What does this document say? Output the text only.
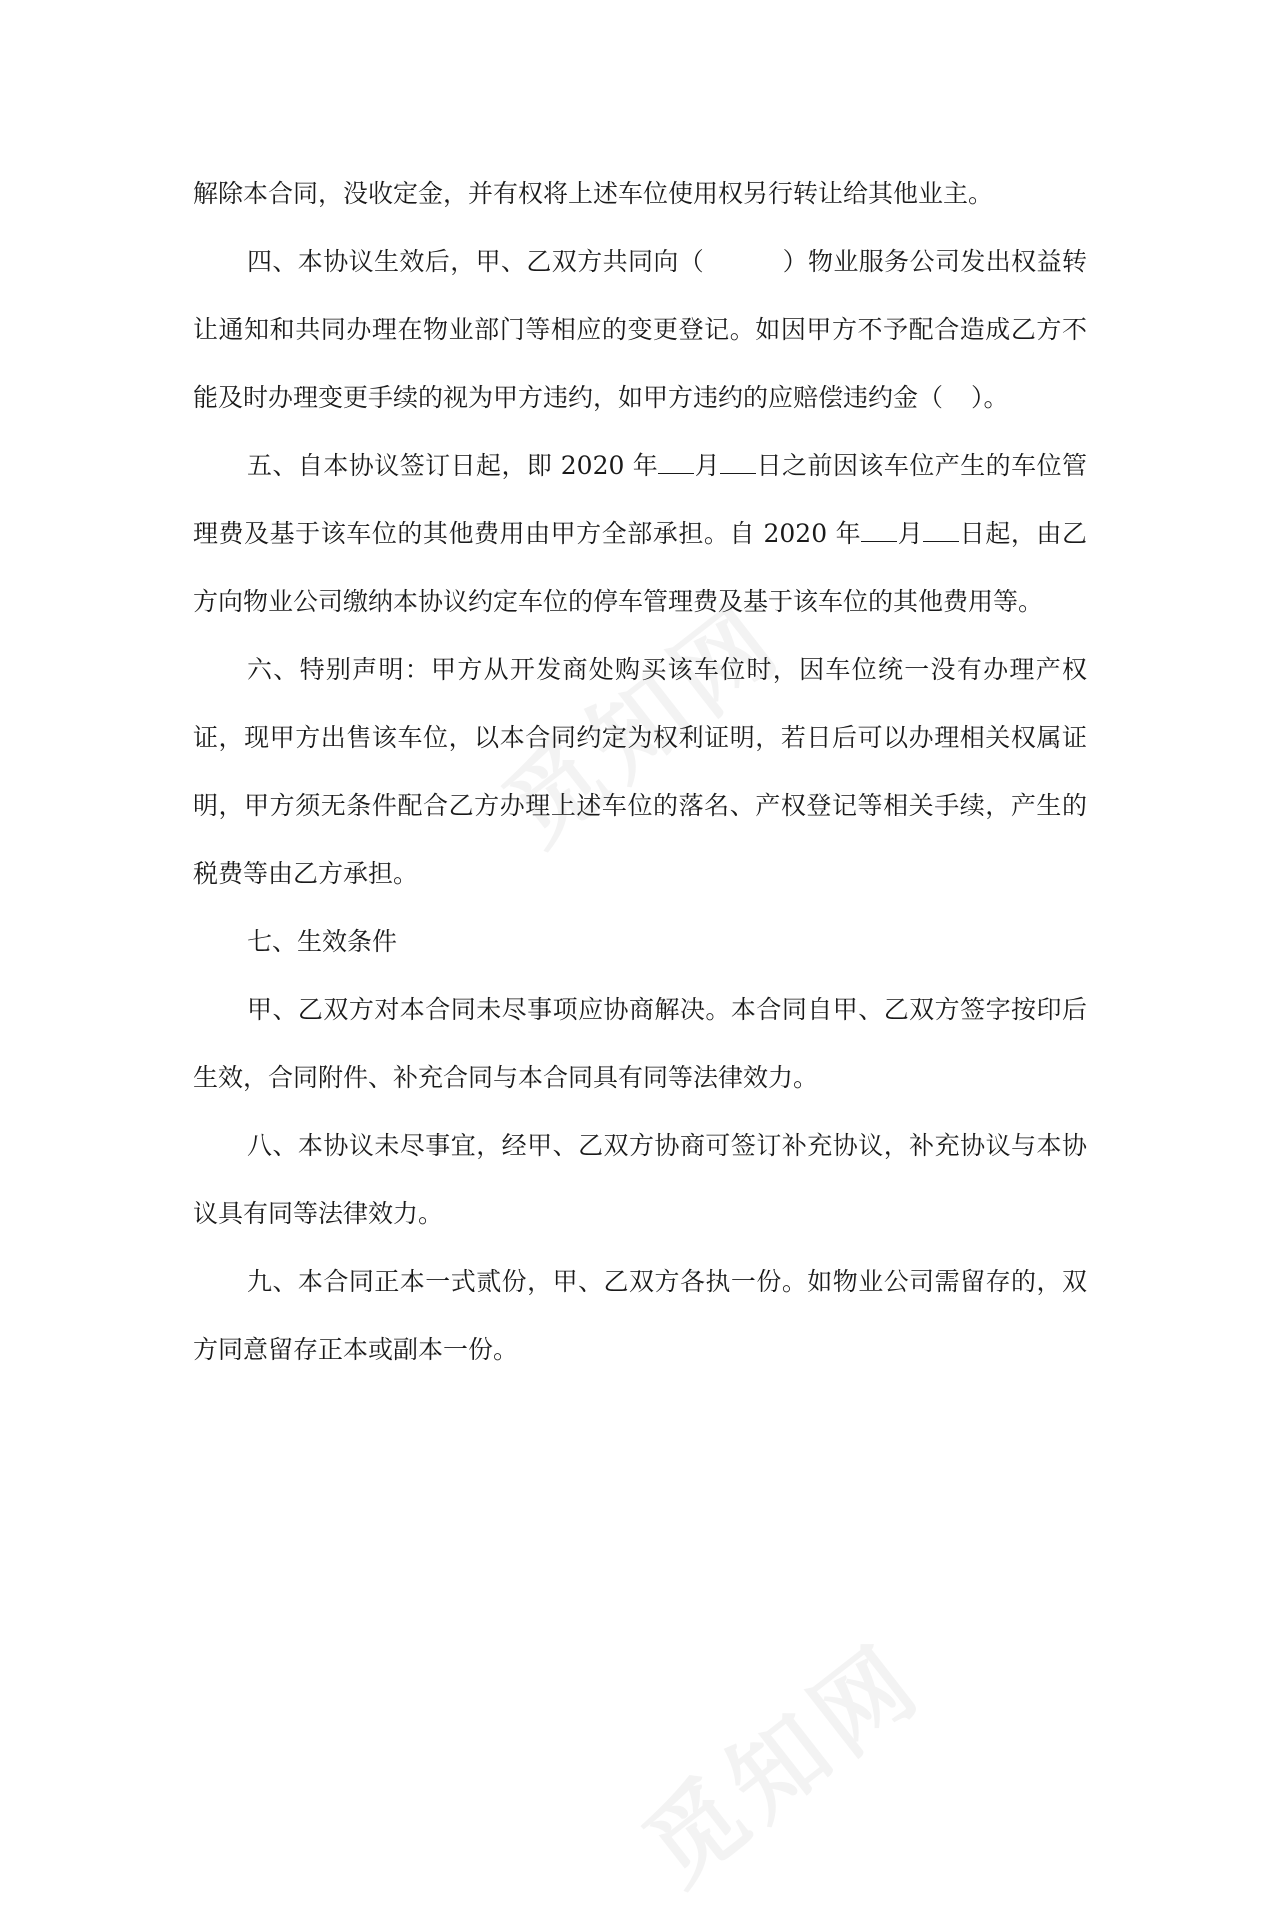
解除本合同，没收定金，并有权将上述车位使用权另行转让给其他业主。

四、本协议生效后，甲、乙双方共同向（	）物业服务公司发出权益转让通知和共同办理在物业部门等相应的变更登记。如因甲方不予配合造成乙方不能及时办理变更手续的视为甲方违约，如甲方违约的应赔偿违约金（ ）。

五、自本协议签订日起，即 2020 年 月 日之前因该车位产生的车位管理费及基于该车位的其他费用由甲方全部承担。自 2020 年 月 日起，由乙方向物业公司缴纳本协议约定车位的停车管理费及基于该车位的其他费用等。

六、特别声明：甲方从开发商处购买该车位时，因车位统一没有办理产权证，现甲方出售该车位，以本合同约定为权利证明，若日后可以办理相关权属证明，甲方须无条件配合乙方办理上述车位的落名、产权登记等相关手续，产生的税费等由乙方承担。

七、生效条件

甲、乙双方对本合同未尽事项应协商解决。本合同自甲、乙双方签字按印后生效，合同附件、补充合同与本合同具有同等法律效力。

八、本协议未尽事宜，经甲、乙双方协商可签订补充协议，补充协议与本协议具有同等法律效力。

九、本合同正本一式贰份，甲、乙双方各执一份。如物业公司需留存的，双方同意留存正本或副本一份。
